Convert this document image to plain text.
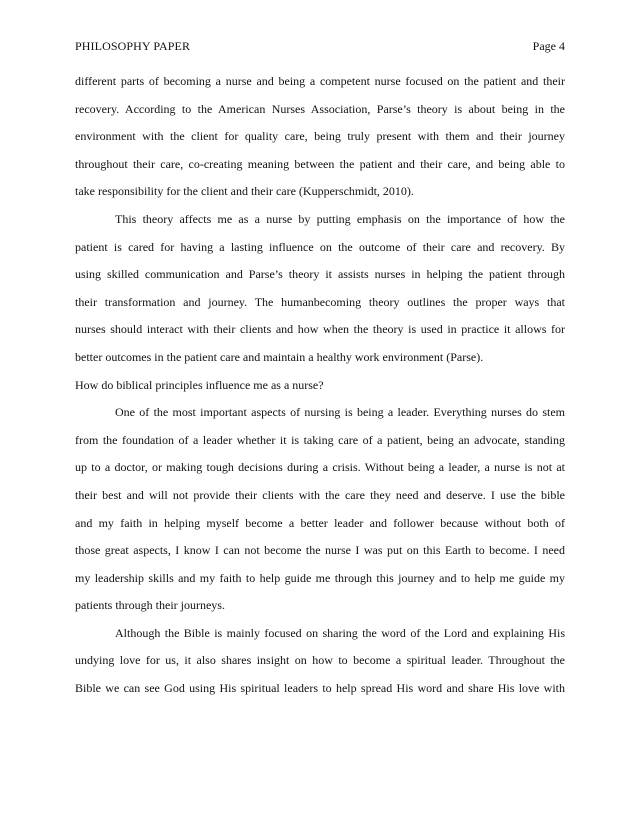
PHILOSOPHY PAPER	Page 4
different parts of becoming a nurse and being a competent nurse focused on the patient and their
recovery. According to the American Nurses Association, Parse’s theory is about being in the
environment with the client for quality care, being truly present with them and their journey
throughout their care, co-creating meaning between the patient and their care, and being able to
take responsibility for the client and their care (Kupperschmidt, 2010).
This theory affects me as a nurse by putting emphasis on the importance of how the
patient is cared for having a lasting influence on the outcome of their care and recovery. By
using skilled communication and Parse’s theory it assists nurses in helping the patient through
their transformation and journey. The humanbecoming theory outlines the proper ways that
nurses should interact with their clients and how when the theory is used in practice it allows for
better outcomes in the patient care and maintain a healthy work environment (Parse).
How do biblical principles influence me as a nurse?
One of the most important aspects of nursing is being a leader. Everything nurses do stem
from the foundation of a leader whether it is taking care of a patient, being an advocate, standing
up to a doctor, or making tough decisions during a crisis. Without being a leader, a nurse is not at
their best and will not provide their clients with the care they need and deserve. I use the bible
and my faith in helping myself become a better leader and follower because without both of
those great aspects, I know I can not become the nurse I was put on this Earth to become. I need
my leadership skills and my faith to help guide me through this journey and to help me guide my
patients through their journeys.
Although the Bible is mainly focused on sharing the word of the Lord and explaining His
undying love for us, it also shares insight on how to become a spiritual leader. Throughout the
Bible we can see God using His spiritual leaders to help spread His word and share His love with
